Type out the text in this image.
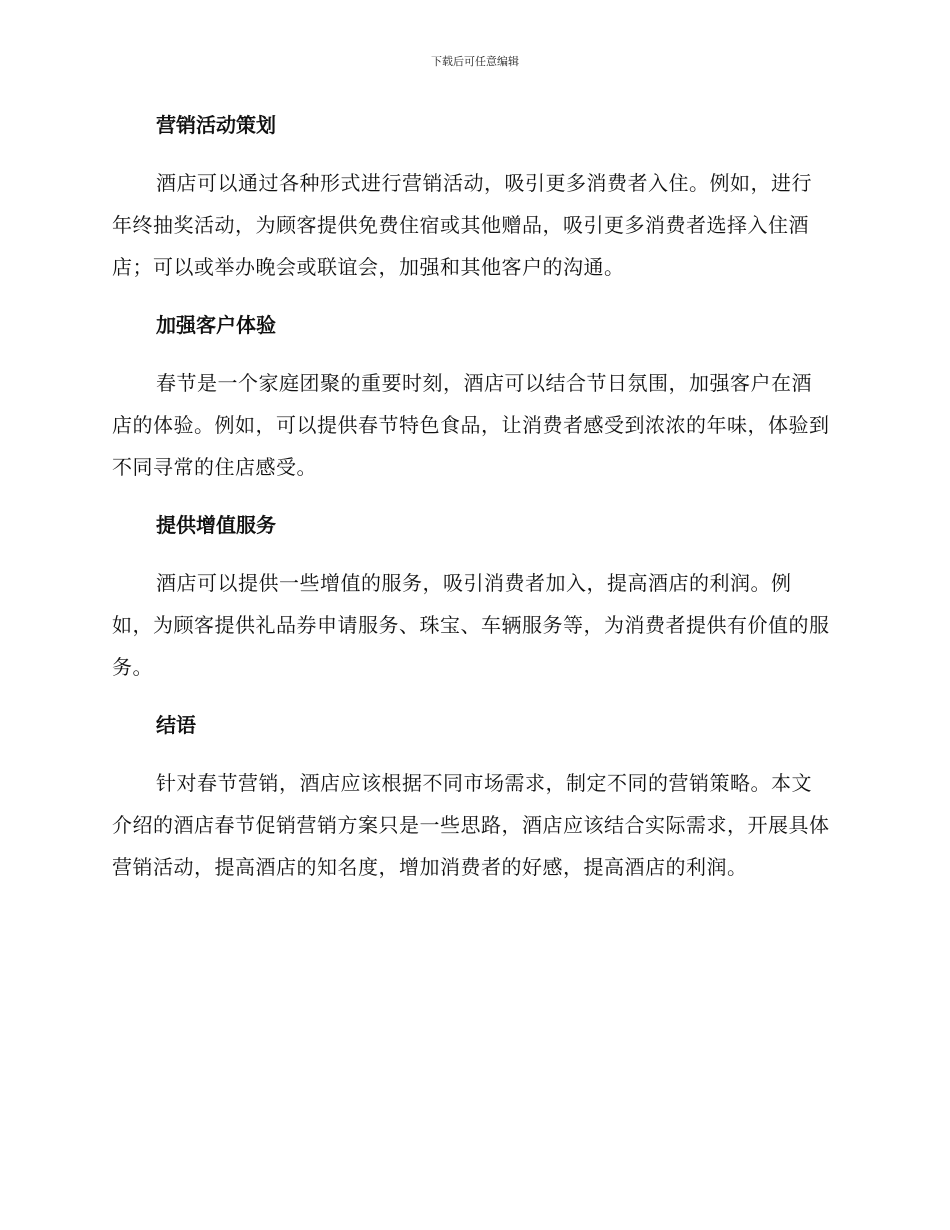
下载后可任意编辑
营销活动策划

酒店可以通过各种形式进行营销活动，吸引更多消费者入住。例如，进行年终抽奖活动，为顾客提供免费住宿或其他赠品，吸引更多消费者选择入住酒店；可以或举办晚会或联谊会，加强和其他客户的沟通。

加强客户体验

春节是一个家庭团聚的重要时刻，酒店可以结合节日氛围，加强客户在酒店的体验。例如，可以提供春节特色食品，让消费者感受到浓浓的年味，体验到不同寻常的住店感受。

提供增值服务

酒店可以提供一些增值的服务，吸引消费者加入，提高酒店的利润。例如，为顾客提供礼品券申请服务、珠宝、车辆服务等，为消费者提供有价值的服务。

结语

针对春节营销，酒店应该根据不同市场需求，制定不同的营销策略。本文介绍的酒店春节促销营销方案只是一些思路，酒店应该结合实际需求，开展具体营销活动，提高酒店的知名度，增加消费者的好感，提高酒店的利润。
